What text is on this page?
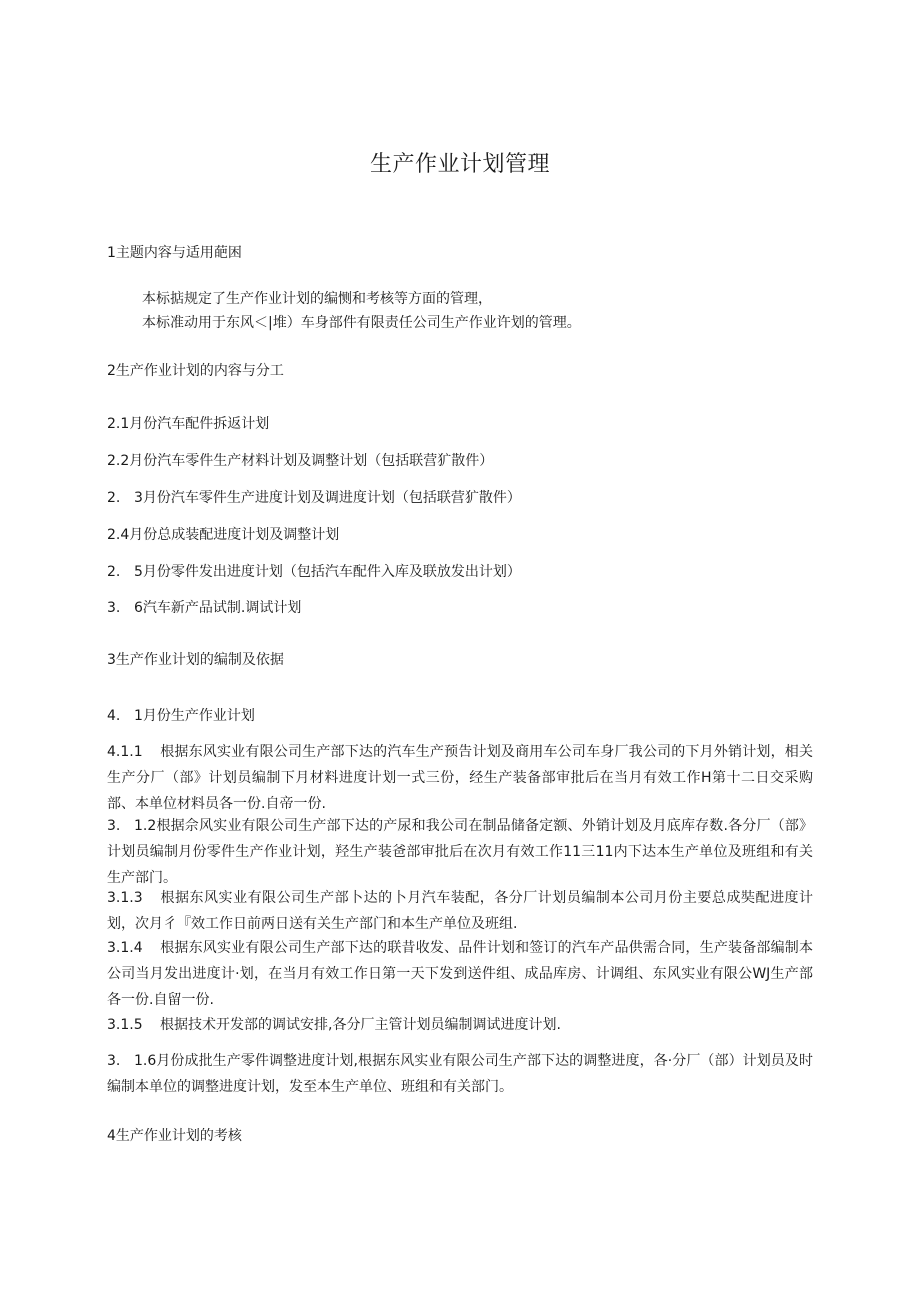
生产作业计划管理

1主题内容与适用葩困

本标掂规定了生产作业计划的编恻和考核等方面的管理，

本标准动用于东风＜|堆）车身部件有限责任公司生产作业许划的管理。

2生产作业计划的内容与分工

2.1月份汽车配件拆返计划

2.2月份汽车零件生产材料计划及调整计划（包括联营犷散件）

2. 3月份汽车零件生产进度计划及调进度计划（包括联营犷散件）

2.4月份总成装配进度计划及调整计划

2. 5月份零件发出进度计划（包括汽车配件入库及联放发出计划）

3. 6汽车新产品试制.调试计划

3生产作业计划的编制及依据

4. 1月份生产作业计划

4.1.1 根据东风实业有限公司生产部下达的汽车生产预告计划及商用车公司车身厂我公司的下月外销计划，相关生产分厂（部》计划员编制下月材料进度计划一式三份，经生产装备部审批后在当月有效工作H第十二日交采购部、本单位材料员各一份.自帝一份.

3. 1.2根据佘风实业有限公司生产部下达的产尿和我公司在制品储备定额、外销计划及月底库存数.各分厂（部》计划员编制月份零件生产作业计划，羟生产装爸部审批后在次月有效工作11三11内下达本生产单位及班组和有关生产部门。

3.1.3 根据东风实业有限公司生产部卜达的卜月汽车装配，各分厂计划员编制本公司月份主要总成奘配进度计划，次月彳『效工作日前两日送有关生产部门和本生产单位及班组.

3.1.4 根据东风实业有限公司生产部下达的联昔收发、品件计划和签订的汽车产品供需合同，生产装备部编制本公司当月发出进度计·划，在当月有效工作日第一天下发到送件组、成品库房、计调组、东风实业有限公WJ生产部各一份.自留一份.

3.1.5 根据技术开发部的调试安排,各分厂主管计划员编制调试进度计划.

3. 1.6月份成批生产零件调整进度计划,根据东风实业有限公司生产部下达的调整进度，各·分厂（部）计划员及时编制本单位的调整进度计划，发至本生产单位、班组和有关部门。

4生产作业计划的考核
